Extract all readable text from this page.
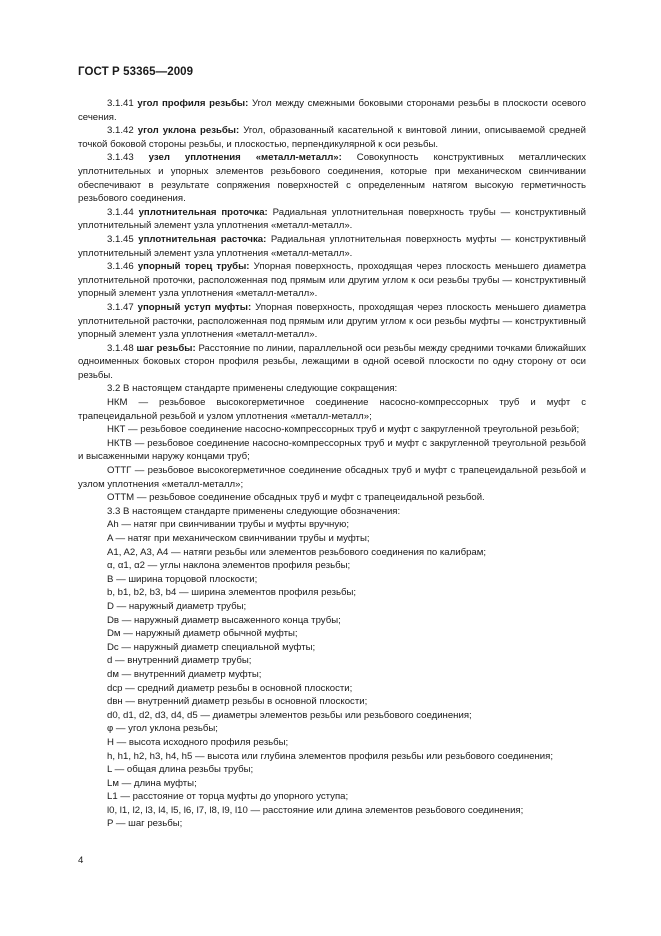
ГОСТ Р 53365—2009

3.1.41 угол профиля резьбы: Угол между смежными боковыми сторонами резьбы в плоскости осевого сечения.

3.1.42 угол уклона резьбы: Угол, образованный касательной к винтовой линии, описываемой средней точкой боковой стороны резьбы, и плоскостью, перпендикулярной к оси резьбы.

3.1.43 узел уплотнения «металл-металл»: Совокупность конструктивных металлических уплотнительных и упорных элементов резьбового соединения, которые при механическом свинчивании обеспечивают в результате сопряжения поверхностей с определенным натягом высокую герметичность резьбового соединения.

3.1.44 уплотнительная проточка: Радиальная уплотнительная поверхность трубы — конструктивный уплотнительный элемент узла уплотнения «металл-металл».

3.1.45 уплотнительная расточка: Радиальная уплотнительная поверхность муфты — конструктивный уплотнительный элемент узла уплотнения «металл-металл».

3.1.46 упорный торец трубы: Упорная поверхность, проходящая через плоскость меньшего диаметра уплотнительной проточки, расположенная под прямым или другим углом к оси резьбы трубы — конструктивный упорный элемент узла уплотнения «металл-металл».

3.1.47 упорный уступ муфты: Упорная поверхность, проходящая через плоскость меньшего диаметра уплотнительной расточки, расположенная под прямым или другим углом к оси резьбы муфты — конструктивный упорный элемент узла уплотнения «металл-металл».

3.1.48 шаг резьбы: Расстояние по линии, параллельной оси резьбы между средними точками ближайших одноименных боковых сторон профиля резьбы, лежащими в одной осевой плоскости по одну сторону от оси резьбы.

3.2 В настоящем стандарте применены следующие сокращения:

НКМ — резьбовое высокогерметичное соединение насосно-компрессорных труб и муфт с трапецеидальной резьбой и узлом уплотнения «металл-металл»;

НКТ — резьбовое соединение насосно-компрессорных труб и муфт с закругленной треугольной резьбой;

НКТВ — резьбовое соединение насосно-компрессорных труб и муфт с закругленной треугольной резьбой и высаженными наружу концами труб;

ОТТГ — резьбовое высокогерметичное соединение обсадных труб и муфт с трапецеидальной резьбой и узлом уплотнения «металл-металл»;

ОТТМ — резьбовое соединение обсадных труб и муфт с трапецеидальной резьбой.

3.3 В настоящем стандарте применены следующие обозначения:

Ah — натяг при свинчивании трубы и муфты вручную;

A — натяг при механическом свинчивании трубы и муфты;

A1, A2, A3, A4 — натяги резьбы или элементов резьбового соединения по калибрам;

α, α1, α2 — углы наклона элементов профиля резьбы;

B — ширина торцовой плоскости;

b, b1, b2, b3, b4 — ширина элементов профиля резьбы;

D — наружный диаметр трубы;

Dв — наружный диаметр высаженного конца трубы;

Dм — наружный диаметр обычной муфты;

Dс — наружный диаметр специальной муфты;

d — внутренний диаметр трубы;

dм — внутренний диаметр муфты;

dср — средний диаметр резьбы в основной плоскости;

dвн — внутренний диаметр резьбы в основной плоскости;

d0, d1, d2, d3, d4, d5 — диаметры элементов резьбы или резьбового соединения;

φ — угол уклона резьбы;

H — высота исходного профиля резьбы;

h, h1, h2, h3, h4, h5 — высота или глубина элементов профиля резьбы или резьбового соединения;

L — общая длина резьбы трубы;

Lм — длина муфты;

L1 — расстояние от торца муфты до упорного уступа;

l0, l1, l2, l3, l4, l5, l6, l7, l8, l9, l10 — расстояние или длина элементов резьбового соединения;

P — шаг резьбы;

4
